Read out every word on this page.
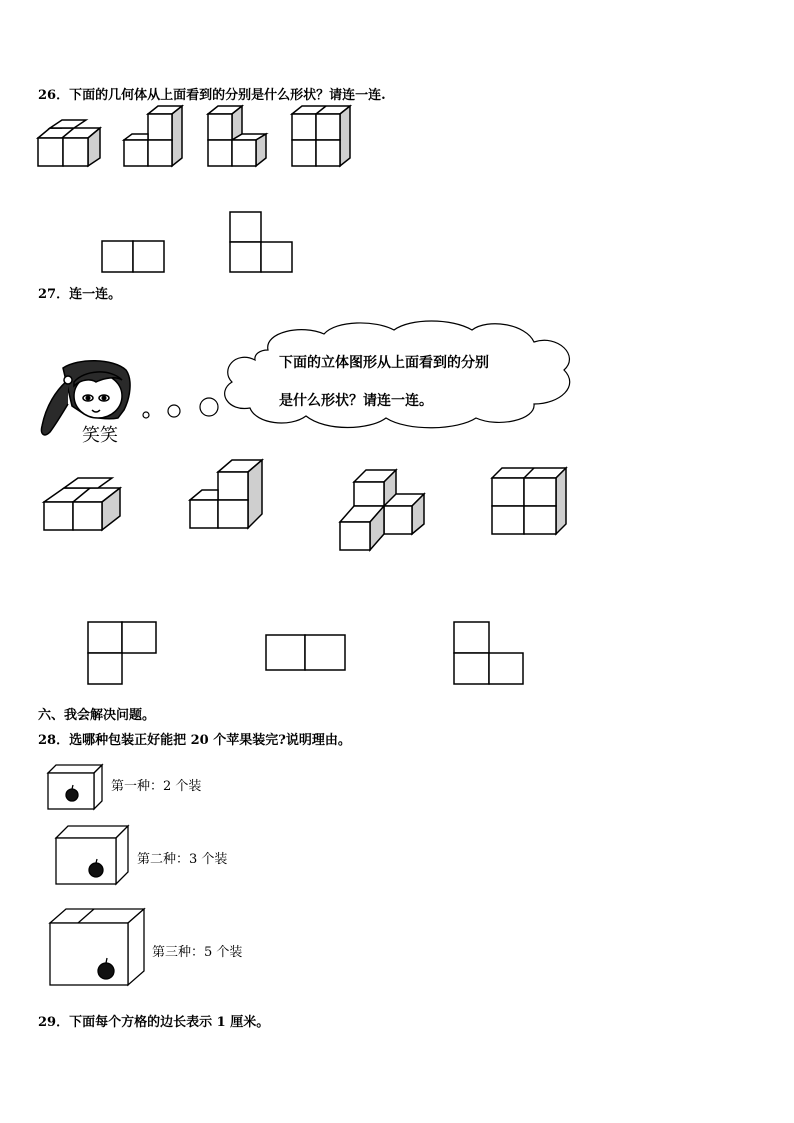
26．下面的几何体从上面看到的分别是什么形状？请连一连.
27．连一连。
笑笑
下面的立体图形从上面看到的分别
是什么形状？请连一连。
六、我会解决问题。
28．选哪种包装正好能把 20 个苹果装完?说明理由。
第一种：2 个装
第二种：3 个装
第三种：5 个装
29．下面每个方格的边长表示 1 厘米。
